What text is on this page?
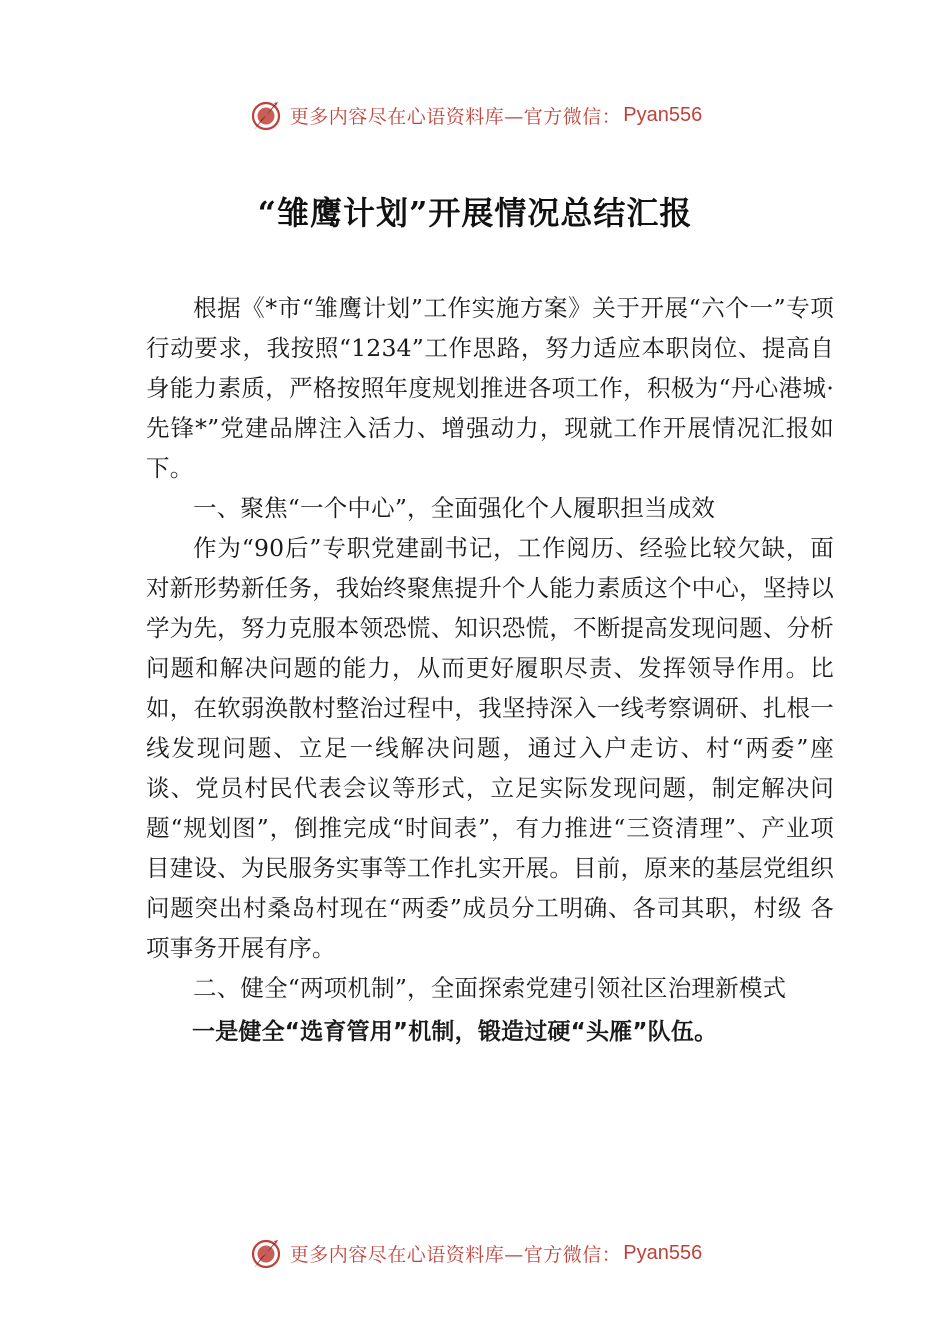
更多内容尽在心语资料库—官方微信： Pyan556
“雏鹰计划”开展情况总结汇报

根据《*市“雏鹰计划”工作实施方案》关于开展“六个一”专项行动要求，我按照“1234”工作思路，努力适应本职岗位、提高自身能力素质，严格按照年度规划推进各项工作，积极为“丹心港城·先锋*”党建品牌注入活力、增强动力，现就工作开展情况汇报如下。

一、聚焦“一个中心”，全面强化个人履职担当成效

作为“90后”专职党建副书记，工作阅历、经验比较欠缺，面对新形势新任务，我始终聚焦提升个人能力素质这个中心，坚持以学为先，努力克服本领恐慌、知识恐慌，不断提高发现问题、分析问题和解决问题的能力，从而更好履职尽责、发挥领导作用。比如，在软弱涣散村整治过程中，我坚持深入一线考察调研、扎根一线发现问题、立足一线解决问题，通过入户走访、村“两委”座谈、党员村民代表会议等形式，立足实际发现问题，制定解决问题“规划图”，倒推完成“时间表”，有力推进“三资清理”、产业项目建设、为民服务实事等工作扎实开展。目前，原来的基层党组织问题突出村桑岛村现在“两委”成员分工明确、各司其职，村级 各项事务开展有序。

二、健全“两项机制”，全面探索党建引领社区治理新模式

一是健全“选育管用”机制，锻造过硬“头雁”队伍。

更多内容尽在心语资料库—官方微信： Pyan556
